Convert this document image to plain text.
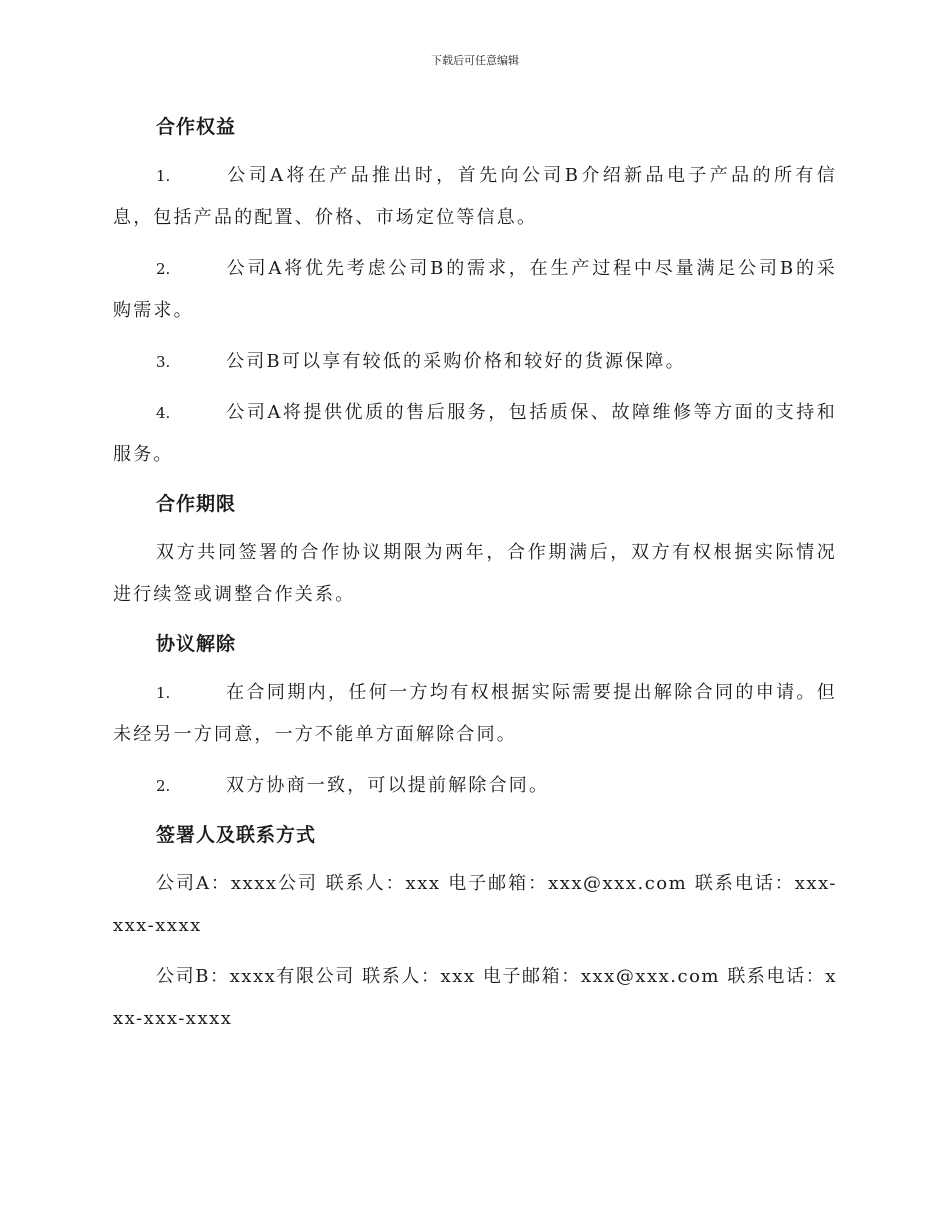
下载后可任意编辑
合作权益

1.	公司A将在产品推出时，首先向公司B介绍新品电子产品的所有信息，包括产品的配置、价格、市场定位等信息。

2.	公司A将优先考虑公司B的需求，在生产过程中尽量满足公司B的采购需求。

3.	公司B可以享有较低的采购价格和较好的货源保障。

4.	公司A将提供优质的售后服务，包括质保、故障维修等方面的支持和服务。

合作期限

双方共同签署的合作协议期限为两年，合作期满后，双方有权根据实际情况进行续签或调整合作关系。

协议解除

1.	在合同期内，任何一方均有权根据实际需要提出解除合同的申请。但未经另一方同意，一方不能单方面解除合同。

2.	双方协商一致，可以提前解除合同。

签署人及联系方式

公司A：xxxx公司 联系人：xxx 电子邮箱：xxx@xxx.com 联系电话：xxx-xxx-xxxx

公司B：xxxx有限公司 联系人：xxx 电子邮箱：xxx@xxx.com 联系电话：xxx-xxx-xxxx
